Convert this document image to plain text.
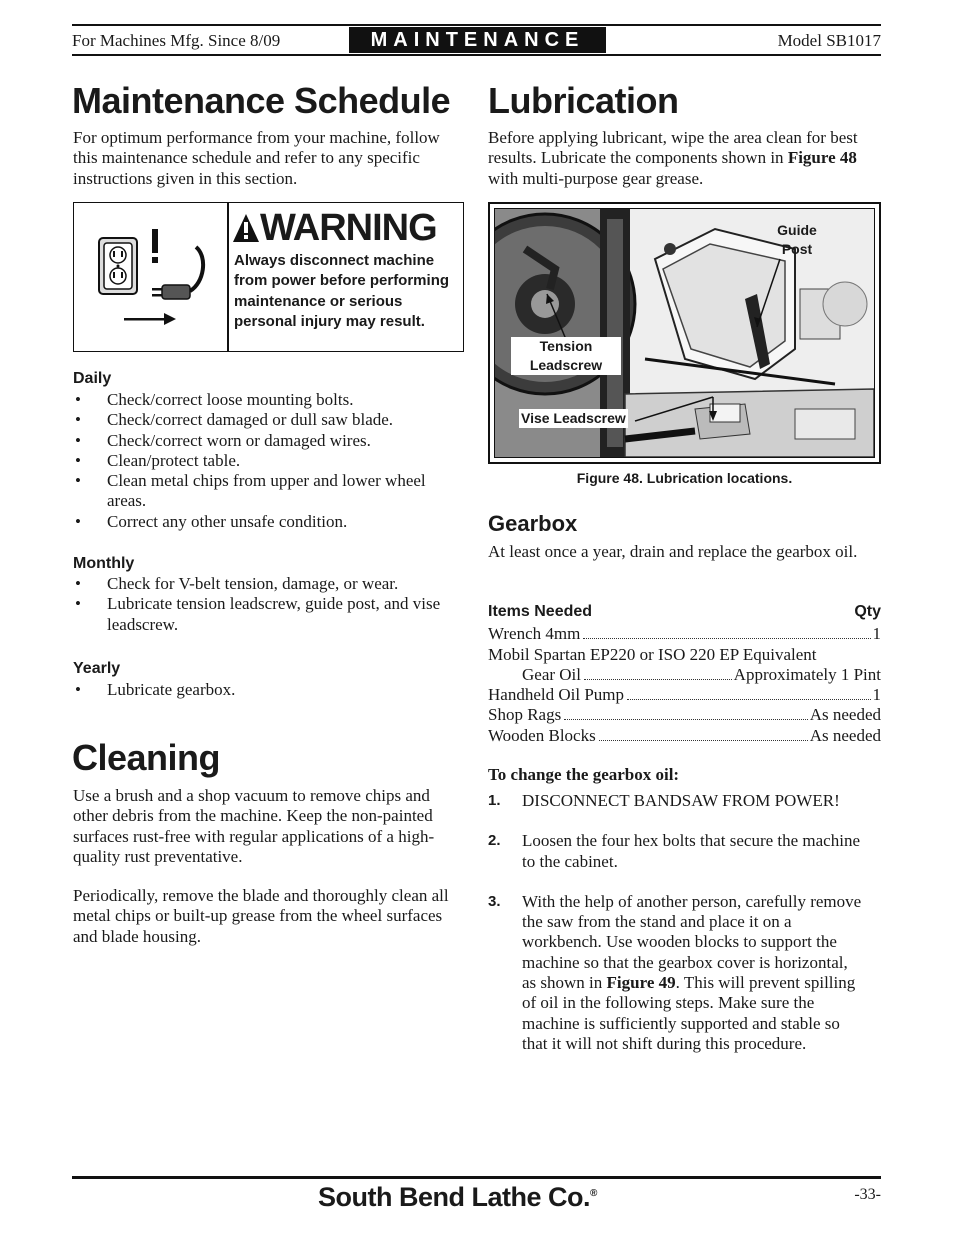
For Machines Mfg. Since 8/09	MAINTENANCE	Model SB1017
Maintenance Schedule
For optimum performance from your machine, follow this maintenance schedule and refer to any specific instructions given in this section.
WARNING
Always disconnect machine from power before performing maintenance or serious personal injury may result.
Daily
• Check/correct loose mounting bolts.
• Check/correct damaged or dull saw blade.
• Check/correct worn or damaged wires.
• Clean/protect table.
• Clean metal chips from upper and lower wheel areas.
• Correct any other unsafe condition.
Monthly
• Check for V-belt tension, damage, or wear.
• Lubricate tension leadscrew, guide post, and vise leadscrew.
Yearly
• Lubricate gearbox.
Cleaning
Use a brush and a shop vacuum to remove chips and other debris from the machine. Keep the non-painted surfaces rust-free with regular applications of a high-quality rust preventative.
Periodically, remove the blade and thoroughly clean all metal chips or built-up grease from the wheel surfaces and blade housing.
Lubrication
Before applying lubricant, wipe the area clean for best results. Lubricate the components shown in Figure 48 with multi-purpose gear grease.
Guide
Post
Tension
Leadscrew
Vise Leadscrew
Figure 48. Lubrication locations.
Gearbox
At least once a year, drain and replace the gearbox oil.
Items Needed	Qty
Wrench 4mm	1
Mobil Spartan EP220 or ISO 220 EP Equivalent
Gear Oil	Approximately 1 Pint
Handheld Oil Pump	1
Shop Rags	As needed
Wooden Blocks	As needed
To change the gearbox oil:
1. DISCONNECT BANDSAW FROM POWER!
2. Loosen the four hex bolts that secure the machine to the cabinet.
3. With the help of another person, carefully remove the saw from the stand and place it on a workbench. Use wooden blocks to support the machine so that the gearbox cover is horizontal, as shown in Figure 49. This will prevent spilling of oil in the following steps. Make sure the machine is sufficiently supported and stable so that it will not shift during this procedure.
South Bend Lathe Co.®	-33-
